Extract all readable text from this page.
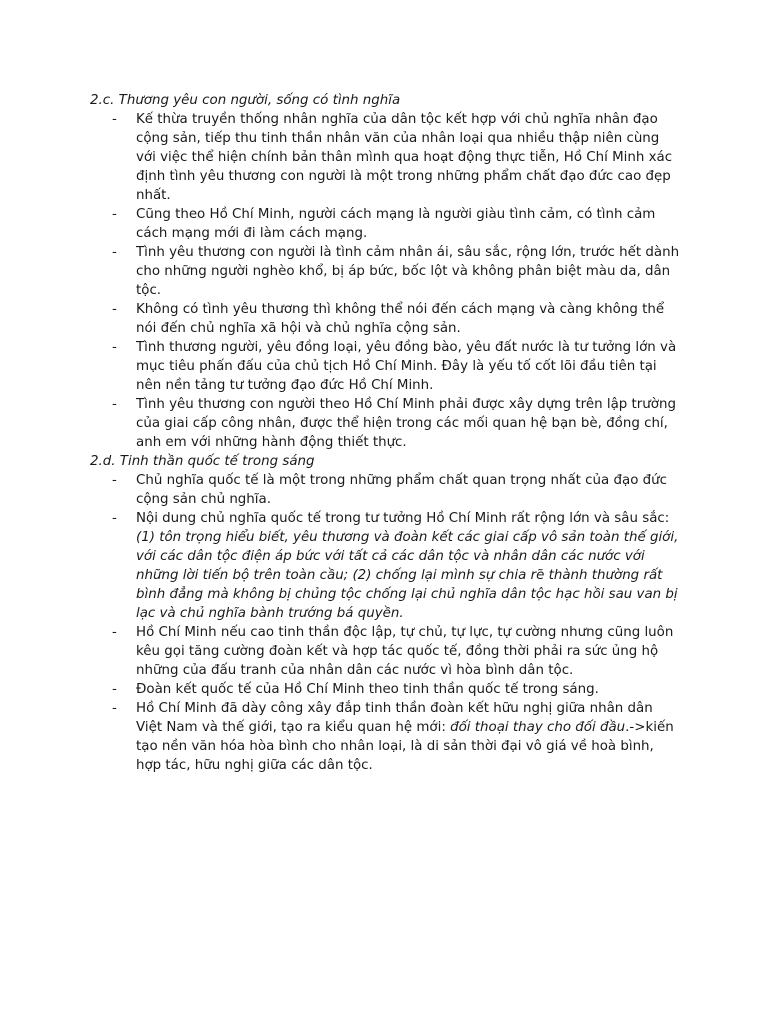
2.c. Thương yêu con người, sống có tình nghĩa

- Kế thừa truyền thống nhân nghĩa của dân tộc kết hợp với chủ nghĩa nhân đạo cộng sản, tiếp thu tinh thần nhân văn của nhân loại qua nhiều thập niên cùng với việc thể hiện chính bản thân mình qua hoạt động thực tiễn, Hồ Chí Minh xác định tình yêu thương con người là một trong những phẩm chất đạo đức cao đẹp nhất.
- Cũng theo Hồ Chí Minh, người cách mạng là người giàu tình cảm, có tình cảm cách mạng mới đi làm cách mạng.
- Tình yêu thương con người là tình cảm nhân ái, sâu sắc, rộng lớn, trước hết dành cho những người nghèo khổ, bị áp bức, bốc lột và không phân biệt màu da, dân tộc.
- Không có tình yêu thương thì không thể nói đến cách mạng và càng không thể nói đến chủ nghĩa xã hội và chủ nghĩa cộng sản.
- Tình thương người, yêu đồng loại, yêu đồng bào, yêu đất nước là tư tưởng lớn và mục tiêu phấn đấu của chủ tịch Hồ Chí Minh. Đây là yếu tố cốt lõi đầu tiên tại nên nền tảng tư tưởng đạo đức Hồ Chí Minh.
- Tình yêu thương con người theo Hồ Chí Minh phải được xây dựng trên lập trường của giai cấp công nhân, được thể hiện trong các mối quan hệ bạn bè, đồng chí, anh em với những hành động thiết thực.

2.d. Tinh thần quốc tế trong sáng

- Chủ nghĩa quốc tế là một trong những phẩm chất quan trọng nhất của đạo đức cộng sản chủ nghĩa.
- Nội dung chủ nghĩa quốc tế trong tư tưởng Hồ Chí Minh rất rộng lớn và sâu sắc: (1) tôn trọng hiểu biết, yêu thương và đoàn kết các giai cấp vô sản toàn thế giới, với các dân tộc điện áp bức với tất cả các dân tộc và nhân dân các nước với những lời tiến bộ trên toàn cầu; (2) chống lại mình sự chia rẽ thành thường rất bình đẳng mà không bị chủng tộc chống lại chủ nghĩa dân tộc hạc hồi sau van bị lạc và chủ nghĩa bành trướng bá quyền.
- Hồ Chí Minh nếu cao tinh thần độc lập, tự chủ, tự lực, tự cường nhưng cũng luôn kêu gọi tăng cường đoàn kết và hợp tác quốc tế, đồng thời phải ra sức ủng hộ những của đấu tranh của nhân dân các nước vì hòa bình dân tộc.
- Đoàn kết quốc tế của Hồ Chí Minh theo tinh thần quốc tế trong sáng.
- Hồ Chí Minh đã dày công xây đắp tinh thần đoàn kết hữu nghị giữa nhân dân Việt Nam và thế giới, tạo ra kiểu quan hệ mới: đối thoại thay cho đối đầu.->kiến tạo nền văn hóa hòa bình cho nhân loại, là di sản thời đại vô giá về hoà bình, hợp tác, hữu nghị giữa các dân tộc.
